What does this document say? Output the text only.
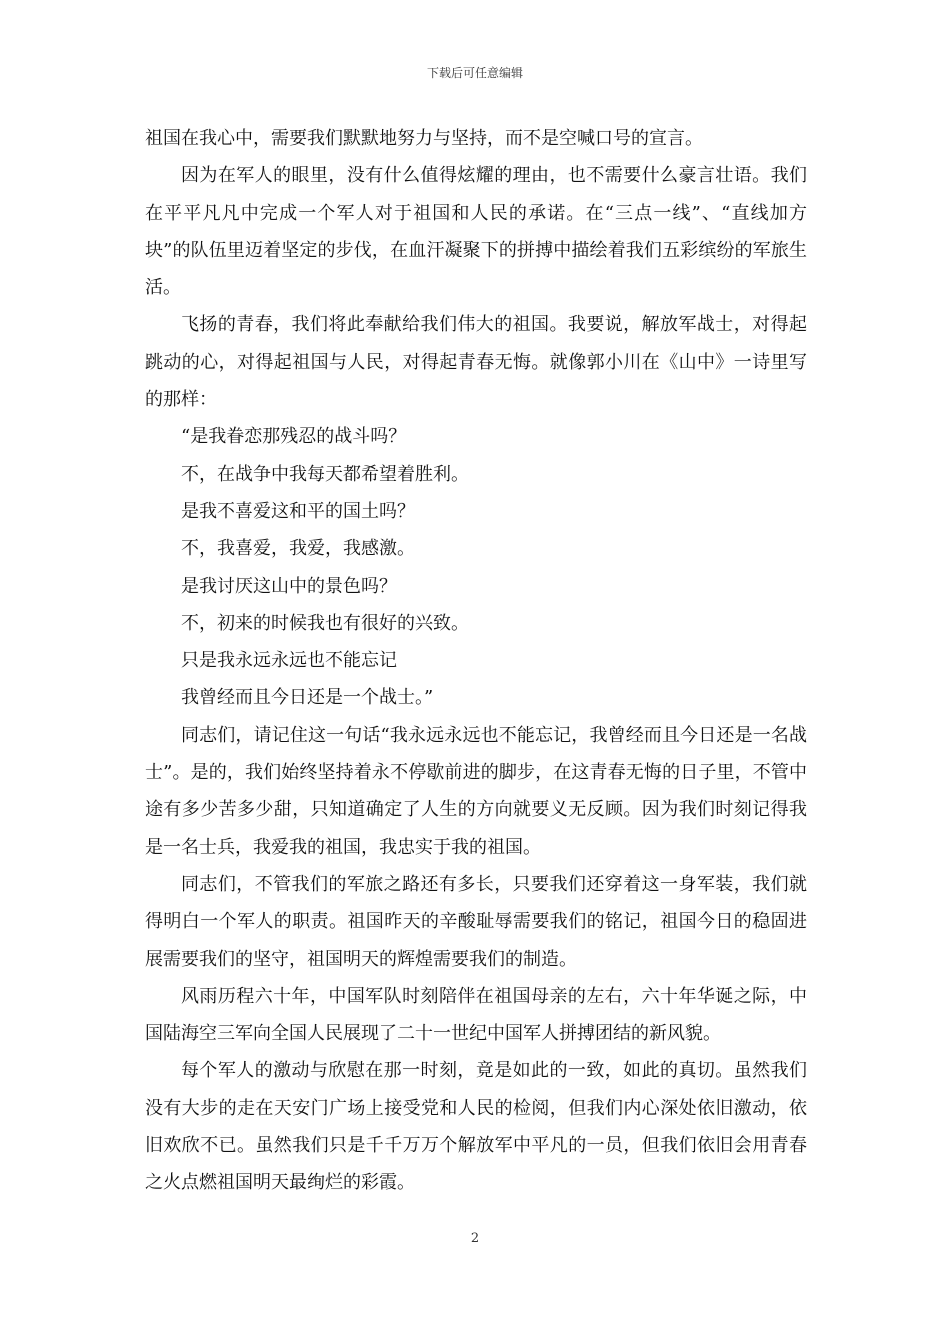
下载后可任意编辑

祖国在我心中，需要我们默默地努力与坚持，而不是空喊口号的宣言。

因为在军人的眼里，没有什么值得炫耀的理由，也不需要什么豪言壮语。我们在平平凡凡中完成一个军人对于祖国和人民的承诺。在“三点一线”、“直线加方块”的队伍里迈着坚定的步伐，在血汗凝聚下的拼搏中描绘着我们五彩缤纷的军旅生活。

飞扬的青春，我们将此奉献给我们伟大的祖国。我要说，解放军战士，对得起跳动的心，对得起祖国与人民，对得起青春无悔。就像郭小川在《山中》一诗里写的那样：

“是我眷恋那残忍的战斗吗？

不，在战争中我每天都希望着胜利。

是我不喜爱这和平的国土吗？

不，我喜爱，我爱，我感激。

是我讨厌这山中的景色吗？

不，初来的时候我也有很好的兴致。

只是我永远永远也不能忘记

我曾经而且今日还是一个战士。”

同志们，请记住这一句话“我永远永远也不能忘记，我曾经而且今日还是一名战士”。是的，我们始终坚持着永不停歇前进的脚步，在这青春无悔的日子里，不管中途有多少苦多少甜，只知道确定了人生的方向就要义无反顾。因为我们时刻记得我是一名士兵，我爱我的祖国，我忠实于我的祖国。

同志们，不管我们的军旅之路还有多长，只要我们还穿着这一身军装，我们就得明白一个军人的职责。祖国昨天的辛酸耻辱需要我们的铭记，祖国今日的稳固进展需要我们的坚守，祖国明天的辉煌需要我们的制造。

风雨历程六十年，中国军队时刻陪伴在祖国母亲的左右，六十年华诞之际，中国陆海空三军向全国人民展现了二十一世纪中国军人拼搏团结的新风貌。

每个军人的激动与欣慰在那一时刻，竟是如此的一致，如此的真切。虽然我们没有大步的走在天安门广场上接受党和人民的检阅，但我们内心深处依旧激动，依旧欢欣不已。虽然我们只是千千万万个解放军中平凡的一员，但我们依旧会用青春之火点燃祖国明天最绚烂的彩霞。

2
